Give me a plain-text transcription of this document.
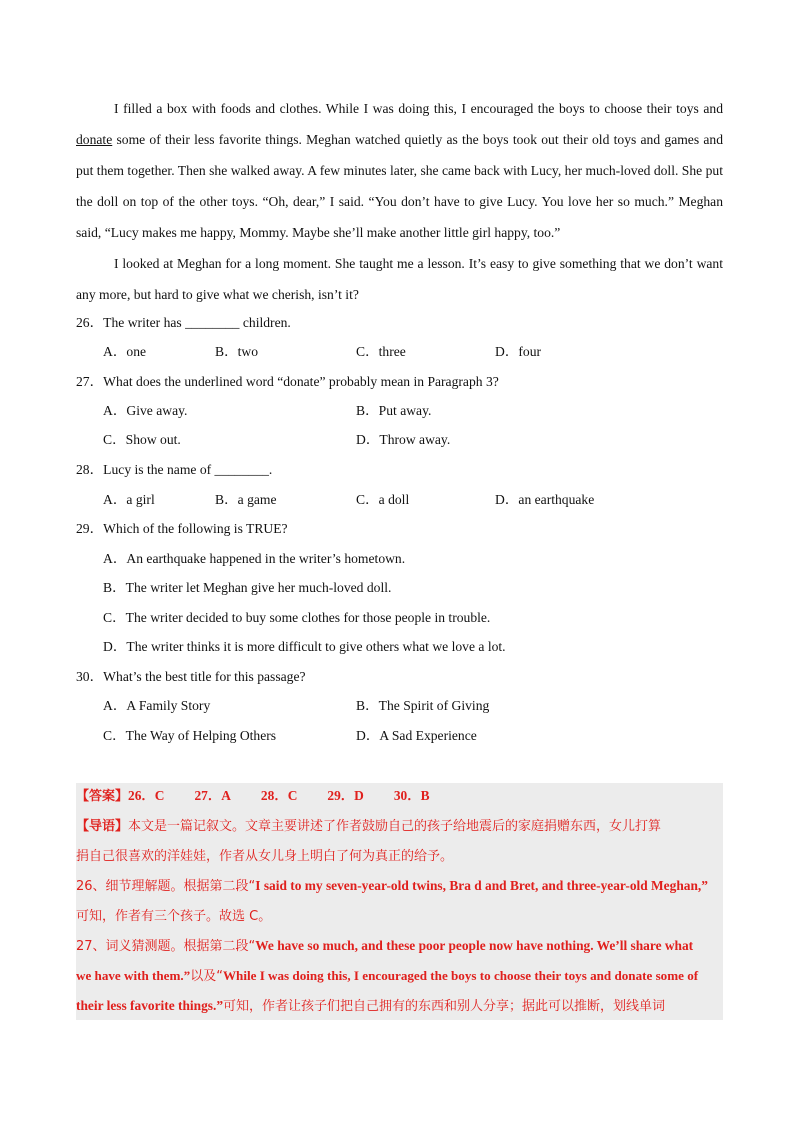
I filled a box with foods and clothes. While I was doing this, I encouraged the boys to choose their toys and donate some of their less favorite things. Meghan watched quietly as the boys took out their old toys and games and put them together. Then she walked away. A few minutes later, she came back with Lucy, her much-loved doll. She put the doll on top of the other toys. “Oh, dear,” I said. “You don’t have to give Lucy. You love her so much.” Meghan said, “Lucy makes me happy, Mommy. Maybe she’ll make another little girl happy, too.”

I looked at Meghan for a long moment. She taught me a lesson. It’s easy to give something that we don’t want any more, but hard to give what we cherish, isn’t it?

26．The writer has ________ children.
A．one	B．two	C．three	D．four
27．What does the underlined word “donate” probably mean in Paragraph 3?
A．Give away.	B．Put away.
C．Show out.	D．Throw away.
28．Lucy is the name of ________.
A．a girl	B．a game	C．a doll	D．an earthquake
29．Which of the following is TRUE?
A．An earthquake happened in the writer’s hometown.
B．The writer let Meghan give her much-loved doll.
C．The writer decided to buy some clothes for those people in trouble.
D．The writer thinks it is more difficult to give others what we love a lot.
30．What’s the best title for this passage?
A．A Family Story	B．The Spirit of Giving
C．The Way of Helping Others	D．A Sad Experience
【答案】26．C 27．A 28．C 29．D 30．B
【导语】本文是一篇记叙文。文章主要讲述了作者鼓励自己的孩子给地震后的家庭捐赠东西，女儿打算
捐自己很喜欢的洋娃娃，作者从女儿身上明白了何为真正的给予。
26、细节理解题。根据第二段“I said to my seven-year-old twins, Bra d and Bret, and three-year-old Meghan,”
可知，作者有三个孩子。故选 C。
27、词义猜测题。根据第二段“We have so much, and these poor people now have nothing. We’ll share what
we have with them.”以及“While I was doing this, I encouraged the boys to choose their toys and donate some of
their less favorite things.”可知，作者让孩子们把自己拥有的东西和别人分享；据此可以推断，划线单词
